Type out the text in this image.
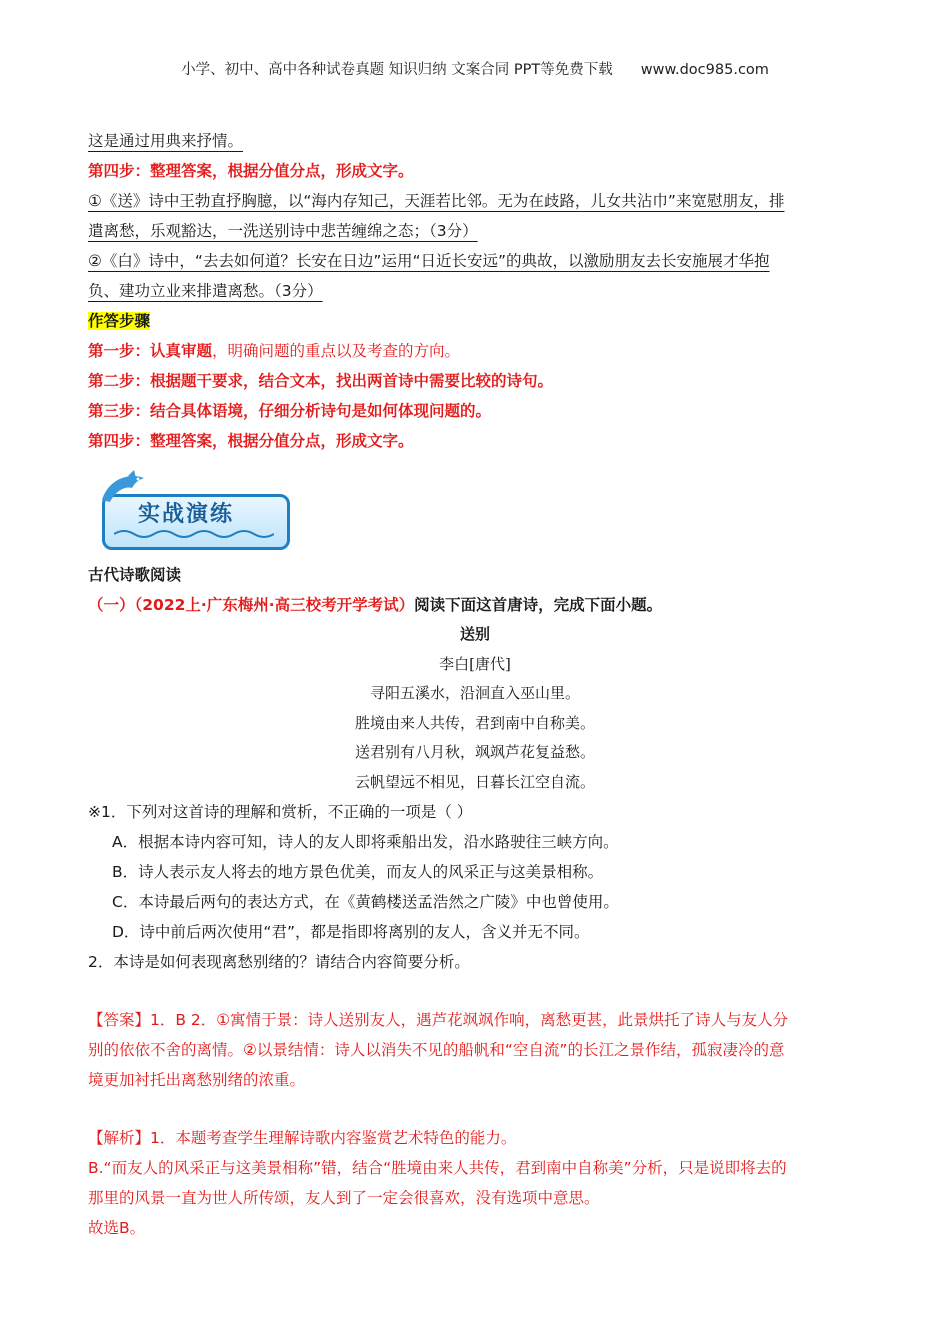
小学、初中、高中各种试卷真题 知识归纳 文案合同 PPT等免费下载 www.doc985.com

这是通过用典来抒情。

第四步：整理答案，根据分值分点，形成文字。

①《送》诗中王勃直抒胸臆，以“海内存知己，天涯若比邻。无为在歧路，儿女共沾巾”来宽慰朋友，排

遣离愁，乐观豁达，一洗送别诗中悲苦缠绵之态；（3分）

②《白》诗中，“去去如何道？长安在日边”运用“日近长安远”的典故，以激励朋友去长安施展才华抱

负、建功立业来排遣离愁。（3分）

作答步骤

第一步：认真审题，明确问题的重点以及考查的方向。

第二步：根据题干要求，结合文本，找出两首诗中需要比较的诗句。

第三步：结合具体语境，仔细分析诗句是如何体现问题的。

第四步：整理答案，根据分值分点，形成文字。

实战演练

古代诗歌阅读

（一）（2022上·广东梅州·高三校考开学考试）阅读下面这首唐诗，完成下面小题。

送别

李白[唐代]

寻阳五溪水，沿洄直入巫山里。

胜境由来人共传，君到南中自称美。

送君别有八月秋，飒飒芦花复益愁。

云帆望远不相见，日暮长江空自流。

※1．下列对这首诗的理解和赏析，不正确的一项是（ ）

A．根据本诗内容可知，诗人的友人即将乘船出发，沿水路驶往三峡方向。

B．诗人表示友人将去的地方景色优美，而友人的风采正与这美景相称。

C．本诗最后两句的表达方式，在《黄鹤楼送孟浩然之广陵》中也曾使用。

D．诗中前后两次使用“君”，都是指即将离别的友人，含义并无不同。

2．本诗是如何表现离愁别绪的？请结合内容简要分析。

【答案】1．B 2．①寓情于景：诗人送别友人，遇芦花飒飒作响，离愁更甚，此景烘托了诗人与友人分

别的依依不舍的离情。②以景结情：诗人以消失不见的船帆和“空自流”的长江之景作结，孤寂凄冷的意

境更加衬托出离愁别绪的浓重。

【解析】1．本题考查学生理解诗歌内容鉴赏艺术特色的能力。

B.“而友人的风采正与这美景相称”错，结合“胜境由来人共传，君到南中自称美”分析，只是说即将去的

那里的风景一直为世人所传颂，友人到了一定会很喜欢，没有选项中意思。

故选B。
